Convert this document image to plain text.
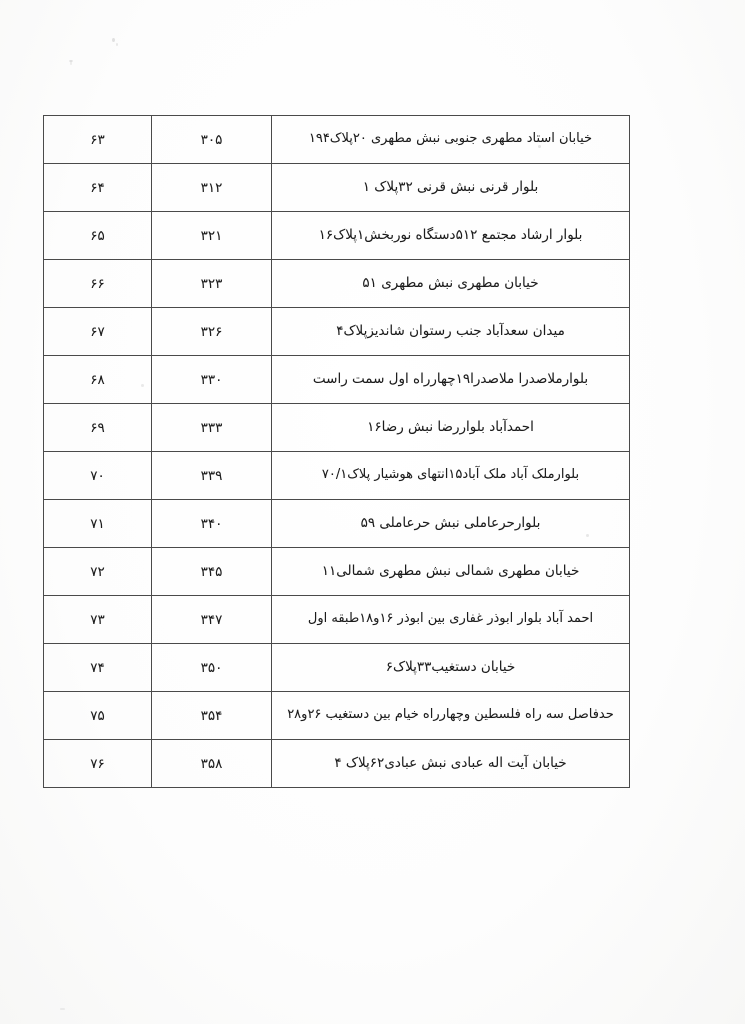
خیابان استاد مطهری جنوبی نبش مطهری ۲۰پلاک۱۹۴	۳۰۵	۶۳
بلوار قرنی نبش قرنی ۳۲پلاک ۱	۳۱۲	۶۴
بلوار ارشاد مجتمع ۵۱۲دستگاه نوربخش۱پلاک۱۶	۳۲۱	۶۵
خیابان مطهری نبش مطهری ۵۱	۳۲۳	۶۶
میدان سعدآباد جنب رستوان شاندیزپلاک۴	۳۲۶	۶۷
بلوارملاصدرا ملاصدرا۱۹چهارراه اول سمت راست	۳۳۰	۶۸
احمدآباد بلواررضا نبش رضا۱۶	۳۳۳	۶۹
بلوارملک آباد ملک آباد۱۵انتهای هوشیار پلاک۷۰/۱	۳۳۹	۷۰
بلوارحرعاملی نبش حرعاملی ۵۹	۳۴۰	۷۱
خیابان مطهری شمالی نبش مطهری شمالی۱۱	۳۴۵	۷۲
احمد آباد بلوار ابوذر غفاری بین ابوذر ۱۶و۱۸طبقه اول	۳۴۷	۷۳
خیابان دستغیب۳۳پلاک۶	۳۵۰	۷۴
حدفاصل سه راه فلسطین وچهارراه خیام بین دستغیب ۲۶و۲۸	۳۵۴	۷۵
خیابان آیت اله عبادی نبش عبادی۶۲پلاک ۴	۳۵۸	۷۶
